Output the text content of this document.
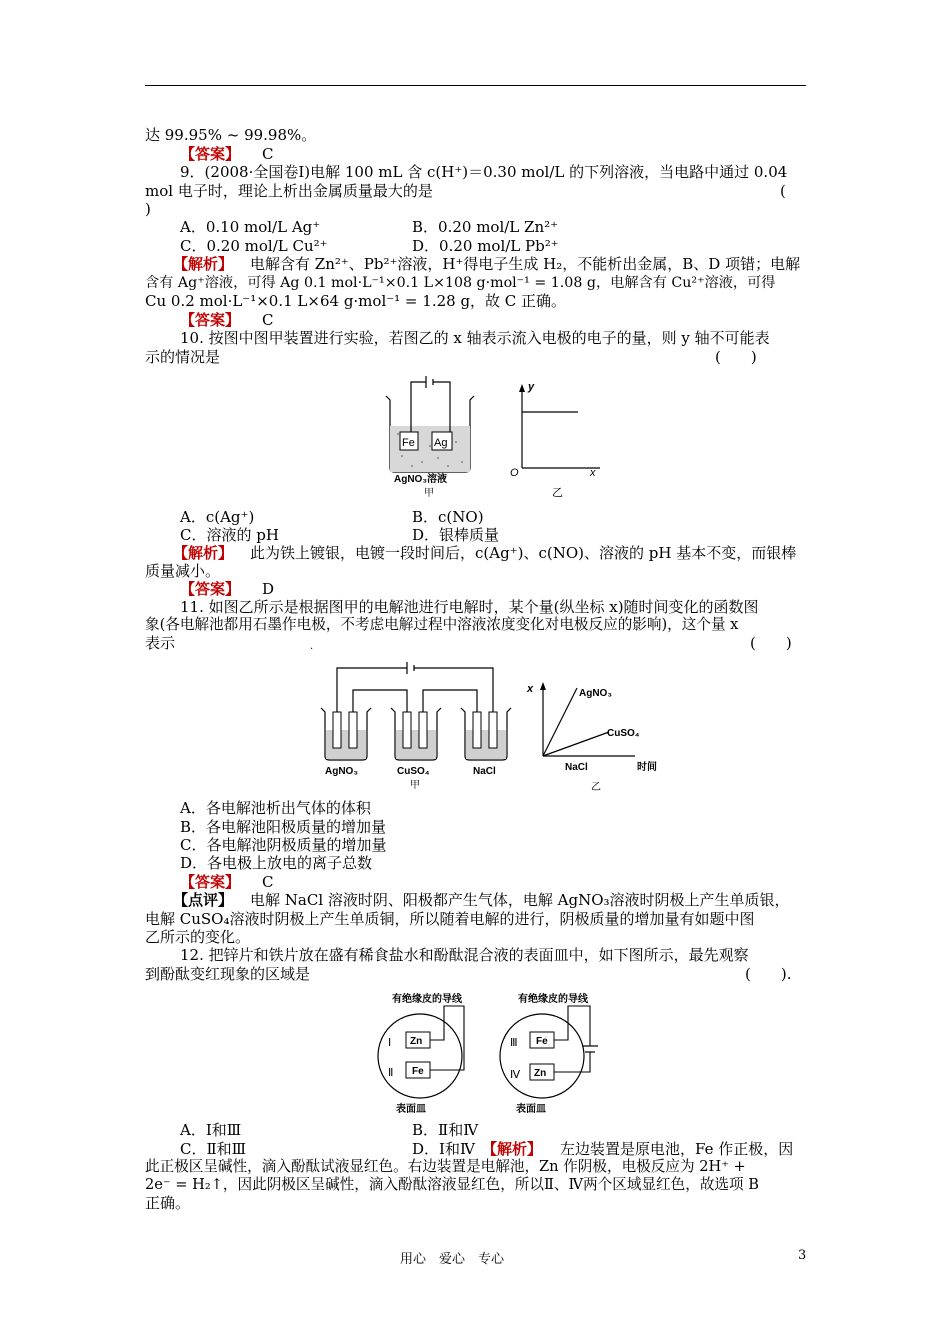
达 99.95% ~ 99.98%。
【答案】 C
9．(2008·全国卷Ⅰ)电解 100 mL 含 c(H⁺)＝0.30 mol/L 的下列溶液，当电路中通过 0.04
mol 电子时，理论上析出金属质量最大的是	(
)
A．0.10 mol/L Ag⁺	B．0.20 mol/L Zn²⁺
C．0.20 mol/L Cu²⁺	D．0.20 mol/L Pb²⁺
【解析】 电解含有 Zn²⁺、Pb²⁺溶液，H⁺得电子生成 H₂，不能析出金属，B、D 项错；电解
含有 Ag⁺溶液，可得 Ag 0.1 mol·L⁻¹×0.1 L×108 g·mol⁻¹ = 1.08 g，电解含有 Cu²⁺溶液，可得
Cu 0.2 mol·L⁻¹×0.1 L×64 g·mol⁻¹ = 1.28 g，故 C 正确。
【答案】 C
10. 按图中图甲装置进行实验，若图乙的 x 轴表示流入电极的电子的量，则 y 轴不可能表
示的情况是	(　　)
Fe Ag
AgNO₃溶液
甲
y
x
O
乙
A．c(Ag⁺)	B．c(NO)
C．溶液的 pH	D．银棒质量
【解析】 此为铁上镀银，电镀一段时间后，c(Ag⁺)、c(NO)、溶液的 pH 基本不变，而银棒
质量减小。
【答案】 D
11. 如图乙所示是根据图甲的电解池进行电解时，某个量(纵坐标 x)随时间变化的函数图
象(各电解池都用石墨作电极，不考虑电解过程中溶液浓度变化对电极反应的影响)，这个量 x
表示	.	(　　)
AgNO₃	CuSO₄	NaCl
甲
x	AgNO₃
CuSO₄
NaCl	时间
乙
A．各电解池析出气体的体积
B．各电解池阳极质量的增加量
C．各电解池阴极质量的增加量
D．各电极上放电的离子总数
【答案】 C
【点评】 电解 NaCl 溶液时阴、阳极都产生气体，电解 AgNO₃溶液时阴极上产生单质银，
电解 CuSO₄溶液时阴极上产生单质铜，所以随着电解的进行，阴极质量的增加量有如题中图
乙所示的变化。
12. 把锌片和铁片放在盛有稀食盐水和酚酞混合液的表面皿中，如下图所示，最先观察
到酚酞变红现象的区域是	(　　).
Zn
Fe
Ⅰ
Ⅱ
有绝缘皮的导线
表面皿
Fe
Zn
Ⅲ
Ⅳ
有绝缘皮的导线
表面皿
A．Ⅰ和Ⅲ	B．Ⅱ和Ⅳ
C．Ⅱ和Ⅲ	D．Ⅰ和Ⅳ 【解析】 左边装置是原电池，Fe 作正极，因
此正极区呈碱性，滴入酚酞试液显红色。右边装置是电解池，Zn 作阴极，电极反应为 2H⁺ +
2e⁻ = H₂↑，因此阴极区呈碱性，滴入酚酞溶液显红色，所以Ⅱ、Ⅳ两个区域显红色，故选项 B
正确。
用心　爱心　专心	3
